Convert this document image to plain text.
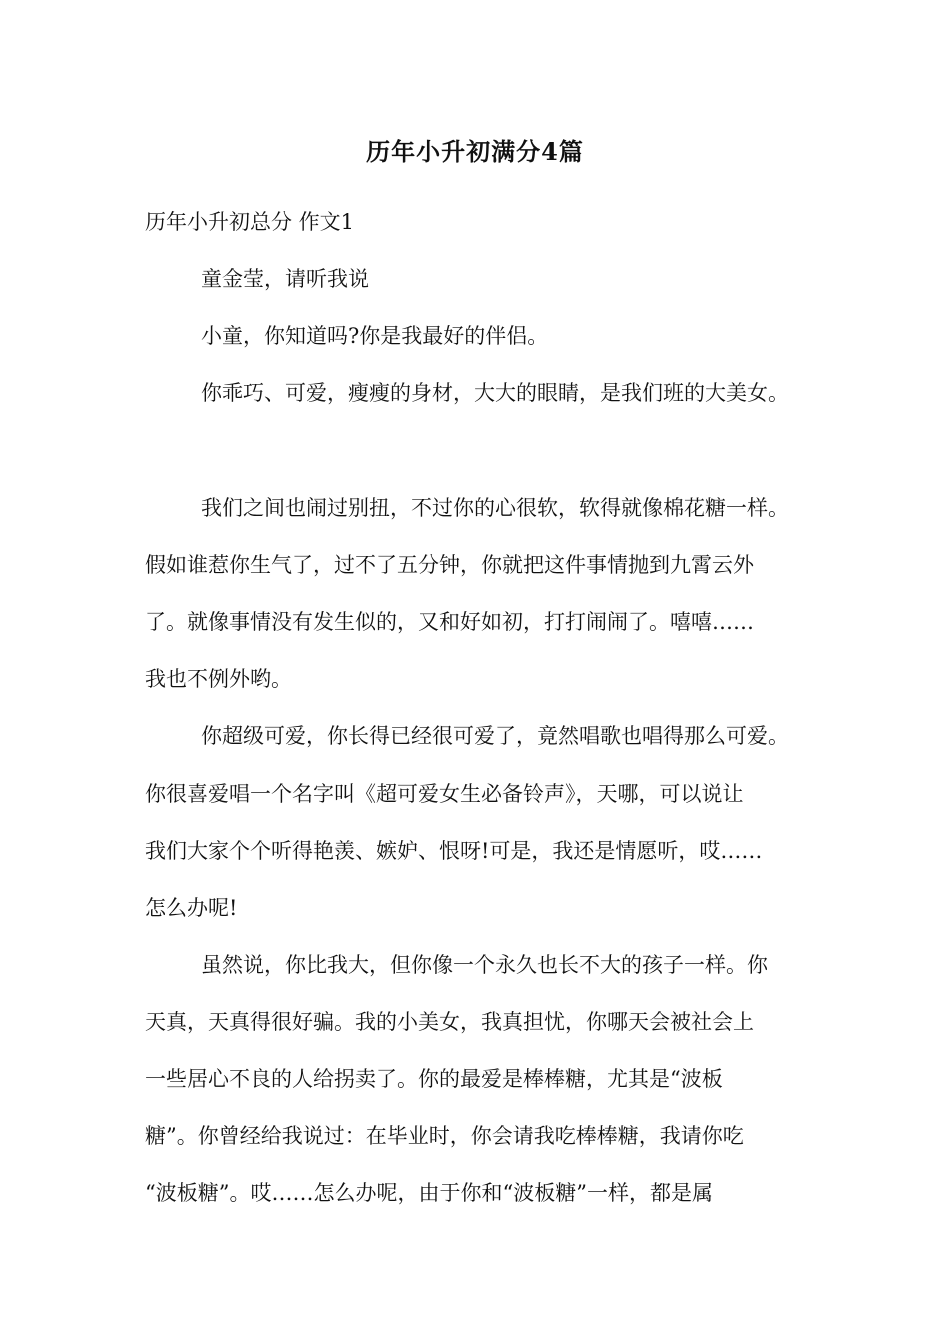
历年小升初满分4篇

历年小升初总分 作文1

童金莹，请听我说

小童，你知道吗?你是我最好的伴侣。

你乖巧、可爱，瘦瘦的身材，大大的眼睛，是我们班的大美女。

我们之间也闹过别扭，不过你的心很软，软得就像棉花糖一样。

假如谁惹你生气了，过不了五分钟，你就把这件事情抛到九霄云外

了。就像事情没有发生似的，又和好如初，打打闹闹了。嘻嘻……

我也不例外哟。

你超级可爱，你长得已经很可爱了，竟然唱歌也唱得那么可爱。

你很喜爱唱一个名字叫《超可爱女生必备铃声》，天哪，可以说让

我们大家个个听得艳羡、嫉妒、恨呀!可是，我还是情愿听，哎……

怎么办呢!

虽然说，你比我大，但你像一个永久也长不大的孩子一样。你

天真，天真得很好骗。我的小美女，我真担忧，你哪天会被社会上

一些居心不良的人给拐卖了。你的最爱是棒棒糖，尤其是“波板

糖”。你曾经给我说过：在毕业时，你会请我吃棒棒糖，我请你吃

“波板糖”。哎……怎么办呢，由于你和“波板糖”一样，都是属
